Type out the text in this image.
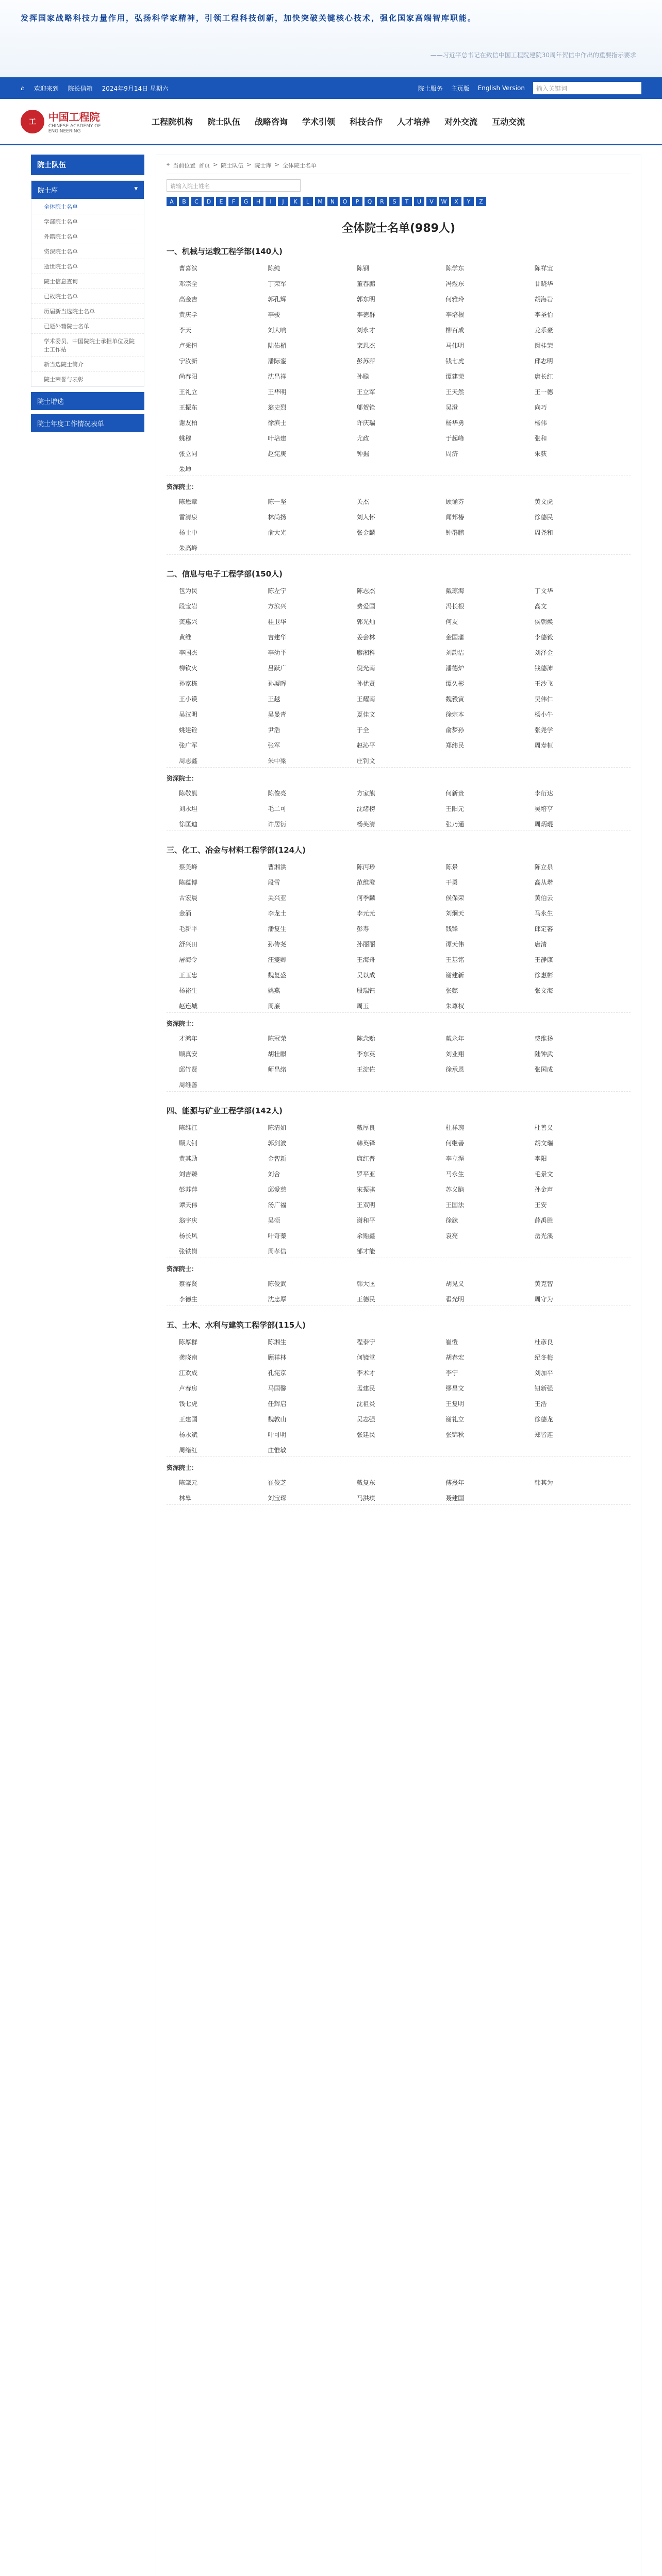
发挥国家战略科技力量作用，弘扬科学家精神，引领工程科技创新，加快突破关键核心技术，强化国家高端智库职能。
——习近平总书记在致信中国工程院建院30周年贺信中作出的重要指示要求
⌂ 欢迎来到 院长信箱 2024年9月14日 星期六	院士服务 主页版 English Version 输入关键词
工	中国工程院
CHINESE ACADEMY OF ENGINEERING
工程院机构	院士队伍	战略咨询	学术引领	科技合作	人才培养	对外交流	互动交流
院士队伍
院士库	▾
全体院士名单
学部院士名单
外籍院士名单
资深院士名单
逝世院士名单
院士信息查询
已故院士名单
历届新当选院士名单
已逝外籍院士名单
学术委员、中国院院士承担单位及院士工作站
新当选院士简介
院士荣誉与表彰
院士增选
院士年度工作情况表单
⌖ 当前位置 首页 > 院士队伍 > 院士库 > 全体院士名单
请输入院士姓名
A	B	C	D	E	F	G	H	I	J	K	L	M	N	O	P	Q	R	S	T	U	V	W	X	Y	Z
全体院士名单(989人)
一、机械与运载工程学部(140人)
曹喜滨	陈纯	陈钢	陈学东	陈祥宝
邓宗全	丁荣军	董春鹏	冯煜东	甘晓华
高金吉	郭孔辉	郭东明	何雅玲	胡海岩
黄庆学	李骏	李德群	李培根	李圣怡
李天	刘大响	刘永才	柳百成	龙乐豪
卢秉恒	陆佑楣	栾恩杰	马伟明	闵桂荣
宁汝新	潘际銮	彭苏萍	钱七虎	邱志明
尚春阳	沈昌祥	孙聪	谭建荣	唐长红
王礼立	王华明	王立军	王天然	王一德
王振东	翁史烈	邬贺铨	吴澄	向巧
谢友柏	徐滨士	许庆瑞	杨华勇	杨伟
姚穆	叶培建	尤政	于起峰	张和
张立同	赵宪庚	钟掘	周济	朱荻
朱坤
资深院士：
陈懋章	陈一坚	关杰	顾诵芬	黄文虎
雷清泉	林尚扬	刘人怀	闻邦椿	徐德民
杨士中	俞大光	张金麟	钟群鹏	周尧和
朱高峰
二、信息与电子工程学部(150人)
包为民	陈左宁	陈志杰	戴琼海	丁文华
段宝岩	方滨兴	费爱国	冯长根	高文
龚惠兴	桂卫华	郭光灿	何友	侯朝焕
黄维	吉建华	姜会林	金国藩	李德毅
李国杰	李幼平	廖湘科	刘韵洁	刘泽金
柳钦火	吕跃广	倪光南	潘德炉	钱德沛
孙家栋	孙凝晖	孙优贤	谭久彬	王沙飞
王小谟	王越	王耀南	魏毅寅	吴伟仁
吴汉明	吴曼青	夏佳文	徐宗本	杨小牛
姚建铨	尹浩	于全	俞梦孙	张尧学
张广军	张军	赵沁平	郑纬民	周寿桓
周志鑫	朱中梁	庄钊文
资深院士：
陈敬熊	陈俊亮	方家熊	何新贵	李衍达
刘永坦	毛二可	沈绪榜	王阳元	吴培亨
徐匡迪	许居衍	杨芙清	张乃通	周炳琨
三、化工、冶金与材料工程学部(124人)
蔡美峰	曹湘洪	陈丙珍	陈景	陈立泉
陈蕴博	段雪	范维澄	干勇	高从堦
古宏晨	关兴亚	何季麟	侯保荣	黄伯云
金涌	李龙土	李元元	刘炯天	马永生
毛新平	潘复生	彭寿	钱锋	邱定蕃
舒兴田	孙传尧	孙丽丽	谭天伟	唐清
屠海令	汪燮卿	王海舟	王基铭	王静康
王玉忠	魏复盛	吴以成	谢建新	徐惠彬
杨裕生	姚燕	殷瑞钰	张懿	张文海
赵连城	周廉	周玉	朱尊权
资深院士：
才鸿年	陈冠荣	陈念贻	戴永年	费维扬
顾真安	胡壮麒	李东英	刘业翔	陆钟武
邱竹贤	师昌绪	王淀佐	徐承恩	张国成
周维善
四、能源与矿业工程学部(142人)
陈维江	陈清如	戴厚良	杜祥琬	杜善义
顾大钊	郭剑波	韩英铎	何继善	胡文瑞
黄其励	金智新	康红普	李立浧	李阳
刘吉臻	刘合	罗平亚	马永生	毛景文
彭苏萍	邱爱慈	宋振骐	苏义脑	孙金声
谭天伟	汤广福	王双明	王国法	王安
翁宇庆	吴硕	谢和平	徐銤	薛禹胜
杨长风	叶奇蓁	余贻鑫	袁亮	岳光溪
张铁岗	周孝信	邹才能
资深院士：
蔡睿贤	陈俊武	韩大匡	胡见义	黄克智
李德生	沈忠厚	王德民	翟光明	周守为
五、土木、水利与建筑工程学部(115人)
陈厚群	陈湘生	程泰宁	崔愷	杜彦良
龚晓南	顾祥林	何镜堂	胡春宏	纪冬梅
江欢成	孔宪京	李术才	李宁	刘加平
卢春房	马国馨	孟建民	缪昌文	钮新强
钱七虎	任辉启	沈祖炎	王复明	王浩
王建国	魏敦山	吴志强	谢礼立	徐德龙
杨永斌	叶可明	张建民	张锦秋	郑皆连
周绪红	庄惟敏
资深院士：
陈肇元	崔俊芝	戴复东	傅熹年	韩其为
林皋	刘宝琛	马洪琪	聂建国
